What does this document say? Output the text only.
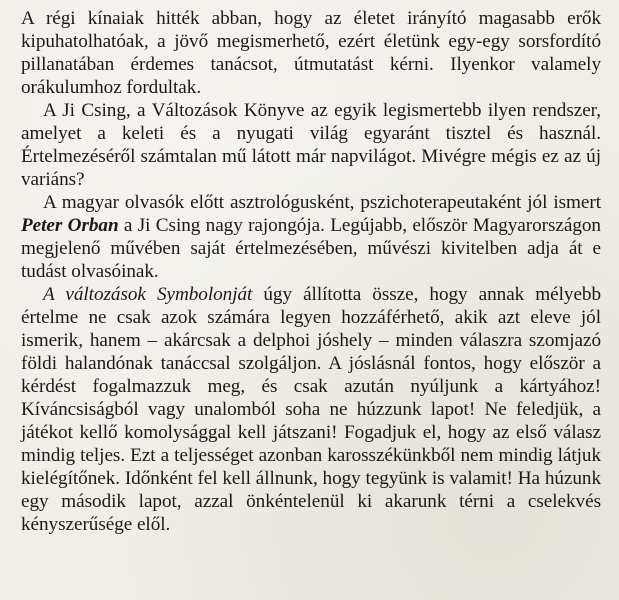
A régi kínaiak hitték abban, hogy az életet irányító magasabb erők kipuhatolhatóak, a jövő megismerhető, ezért életünk egy-egy sorsfordító pillanatában érdemes tanácsot, útmutatást kérni. Ilyenkor valamely orákulumhoz fordultak.

A Ji Csing, a Változások Könyve az egyik legismertebb ilyen rendszer, amelyet a keleti és a nyugati világ egyaránt tisztel és használ. Értelmezéséről számtalan mű látott már napvilágot. Mivégre mégis ez az új variáns?

A magyar olvasók előtt asztrológusként, pszichoterapeutaként jól ismert Peter Orban a Ji Csing nagy rajongója. Legújabb, először Magyarországon megjelenő művében saját értelmezésében, művészi kivitelben adja át e tudást olvasóinak.

A változások Symbolonját úgy állította össze, hogy annak mélyebb értelme ne csak azok számára legyen hozzáférhető, akik azt eleve jól ismerik, hanem – akárcsak a delphoi jóshely – minden válaszra szomjazó földi halandónak tanáccsal szolgáljon. A jóslásnál fontos, hogy először a kérdést fogalmazzuk meg, és csak azután nyúljunk a kártyához! Kíváncsiságból vagy unalomból soha ne húzzunk lapot! Ne feledjük, a játékot kellő komolysággal kell játszani! Fogadjuk el, hogy az első válasz mindig teljes. Ezt a teljességet azonban karosszékünkből nem mindig látjuk kielégítőnek. Időnként fel kell állnunk, hogy tegyünk is valamit! Ha húzunk egy második lapot, azzal önkéntelenül ki akarunk térni a cselekvés kényszerűsége elől.
